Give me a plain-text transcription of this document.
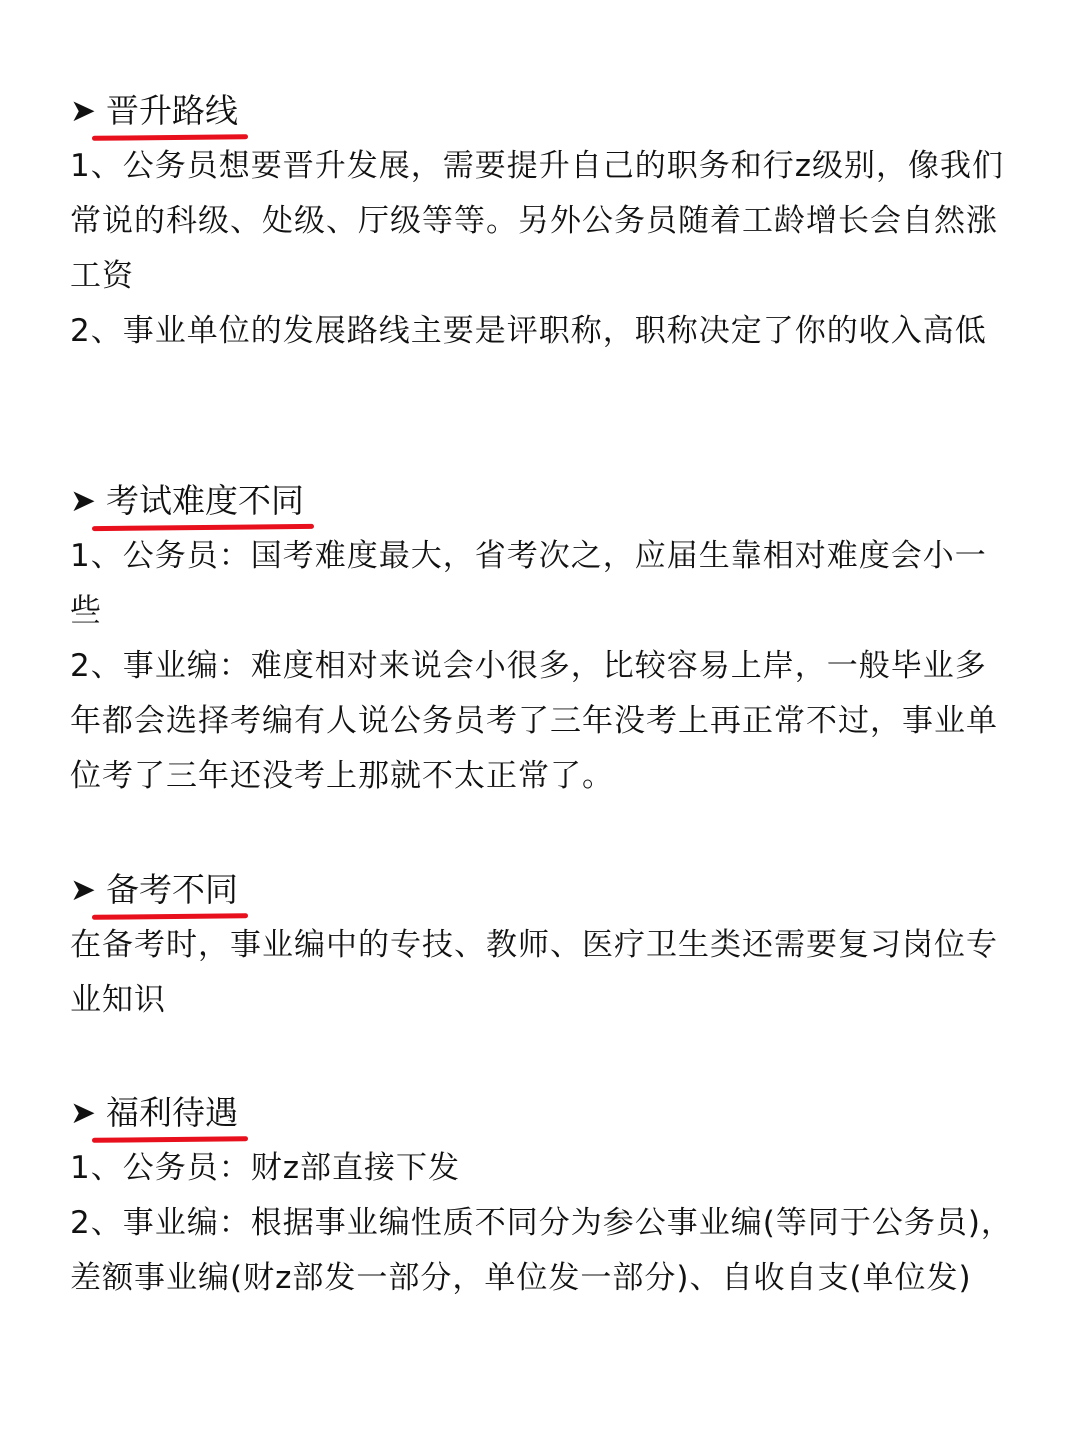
➤ 晋升路线

1、公务员想要晋升发展，需要提升自己的职务和行z级别，像我们常说的科级、处级、厅级等等。另外公务员随着工龄增长会自然涨工资

2、事业单位的发展路线主要是评职称，职称决定了你的收入高低

➤ 考试难度不同

1、公务员：国考难度最大，省考次之，应届生靠相对难度会小一些

2、事业编：难度相对来说会小很多，比较容易上岸，一般毕业多年都会选择考编有人说公务员考了三年没考上再正常不过，事业单位考了三年还没考上那就不太正常了。

➤ 备考不同

在备考时，事业编中的专技、教师、医疗卫生类还需要复习岗位专业知识

➤ 福利待遇

1、公务员：财z部直接下发

2、事业编：根据事业编性质不同分为参公事业编(等同于公务员)，差额事业编(财z部发一部分，单位发一部分)、自收自支(单位发)
